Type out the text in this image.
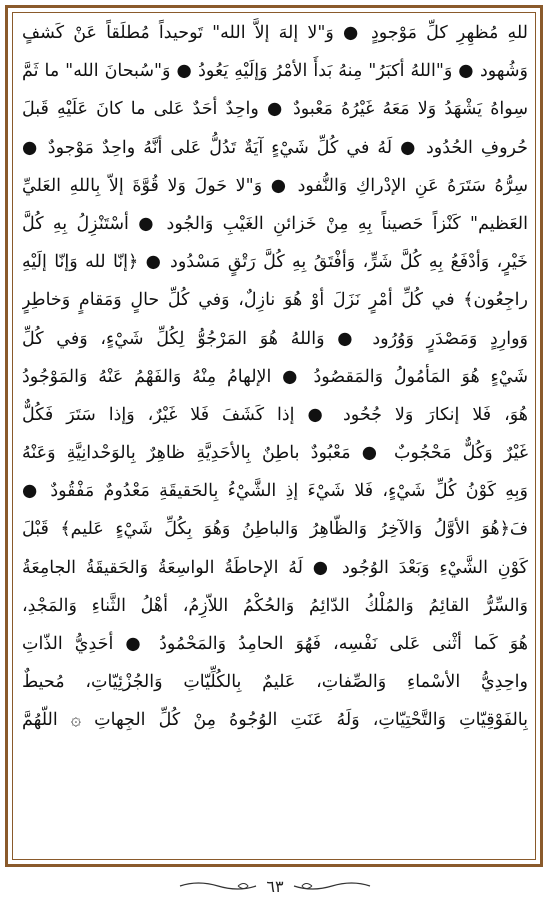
للهِ مُظهِرِ كلِّ مَوْجودٍ ● وَ"لا إلهَ إلاَّ الله" تَوحيداً مُطلَقاً عَنْ كَشفٍ
وَشُهود ● وَ"اللهُ أكبَرُ" مِنهُ بَدأَ الأمْرُ وَإلَيْهِ يَعُودُ ● وَ"سُبحانَ الله" ما ثَمَّ
سِواهُ يَشْهَدُ وَلا مَعَهُ غَيْرُهُ مَعْبودٌ ● واحِدٌ أحَدٌ عَلى ما كانَ عَلَيْهِ قَبلَ
حُروفِ الحُدُود ● لَهُ في كُلِّ شَيْءٍ آيَةٌ تَدُلُّ عَلى أنَّهُ واحِدٌ مَوْجودٌ ●
سِرُّهُ سَتَرَهُ عَنِ الإدْراكِ وَالنُّفود ● وَ"لا حَولَ وَلا قُوَّةَ إلاّ بِاللهِ العَليِّ
العَظيم" كَنْزاً حَصيناً بِهِ مِنْ خَزائنِ الغَيْبِ وَالجُود ● أسْتَنْزِلُ بِهِ كُلَّ
خَيْرٍ، وَأدْفَعُ بِهِ كُلَّ شَرٍّ، وَأفْتَقُ بِهِ كُلَّ رَتْقٍ مَسْدُود ● ﴿إنّا لله وَإنّا إلَيْهِ
راجِعُون﴾ في كُلِّ أمْرٍ نَزَلَ أوْ هُوَ نازِلٌ، وَفي كُلِّ حالٍ وَمَقامٍ وَخاطِرٍ
وَوارِدٍ وَمَصْدَرٍ وَوُرُود ● وَاللهُ هُوَ المَرْجُوُّ لِكُلِّ شَيْءٍ، وَفي كُلِّ
شَيْءٍ هُوَ المَأمُولُ وَالمَقصُودُ ● الإلهامُ مِنْهُ وَالفَهْمُ عَنْهُ وَالمَوْجُودُ
هُوَ، فَلا إنكارَ وَلا جُحُود ● إذا كَشَفَ فَلا غَيْرٌ، وَإذا سَتَرَ فَكُلٌّ
غَيْرٌ وَكُلٌّ مَحْجُوبٌ ● مَعْبُودٌ باطِنٌ بِالأحَدِيَّةِ ظاهِرٌ بِالوَحْدانِيَّةِ وَعَنْهُ
وَبِهِ كَوْنُ كُلِّ شَيْءٍ، فَلا شَيْءَ إذِ الشَّيْءُ بِالحَقيقَةِ مَعْدُومٌ مَفْقُودٌ ●
فَ﴿هُوَ الأوَّلُ وَالآخِرُ وَالظّاهِرُ وَالباطِنُ وَهُوَ بِكُلِّ شَيْءٍ عَليم﴾ قَبْلَ
كَوْنِ الشَّيْءِ وَبَعْدَ الوُجُود ● لَهُ الإحاطَةُ الواسِعَةُ وَالحَقيقَةُ الجامِعَةُ
وَالسِّرُّ القائِمُ وَالمُلْكُ الدّائِمُ وَالحُكْمُ اللاّزِمُ، أهْلُ الثَّناءِ وَالمَجْدِ،
هُوَ كَما أثْنى عَلى نَفْسِه، فَهُوَ الحامِدُ وَالمَحْمُودُ ● أحَدِيُّ الذّاتِ
واحِدِيُّ الأسْماءِ وَالصِّفاتِ، عَليمٌ بِالكُلِّيّاتِ وَالجُزْئِيّاتِ، مُحيطٌ
بِالفَوْقِيّاتِ وَالتَّحْتِيّاتِ، وَلَهُ عَنَتِ الوُجُوهُ مِنْ كُلِّ الجِهاتِ ۞ اللّهُمَّ
٦٣
